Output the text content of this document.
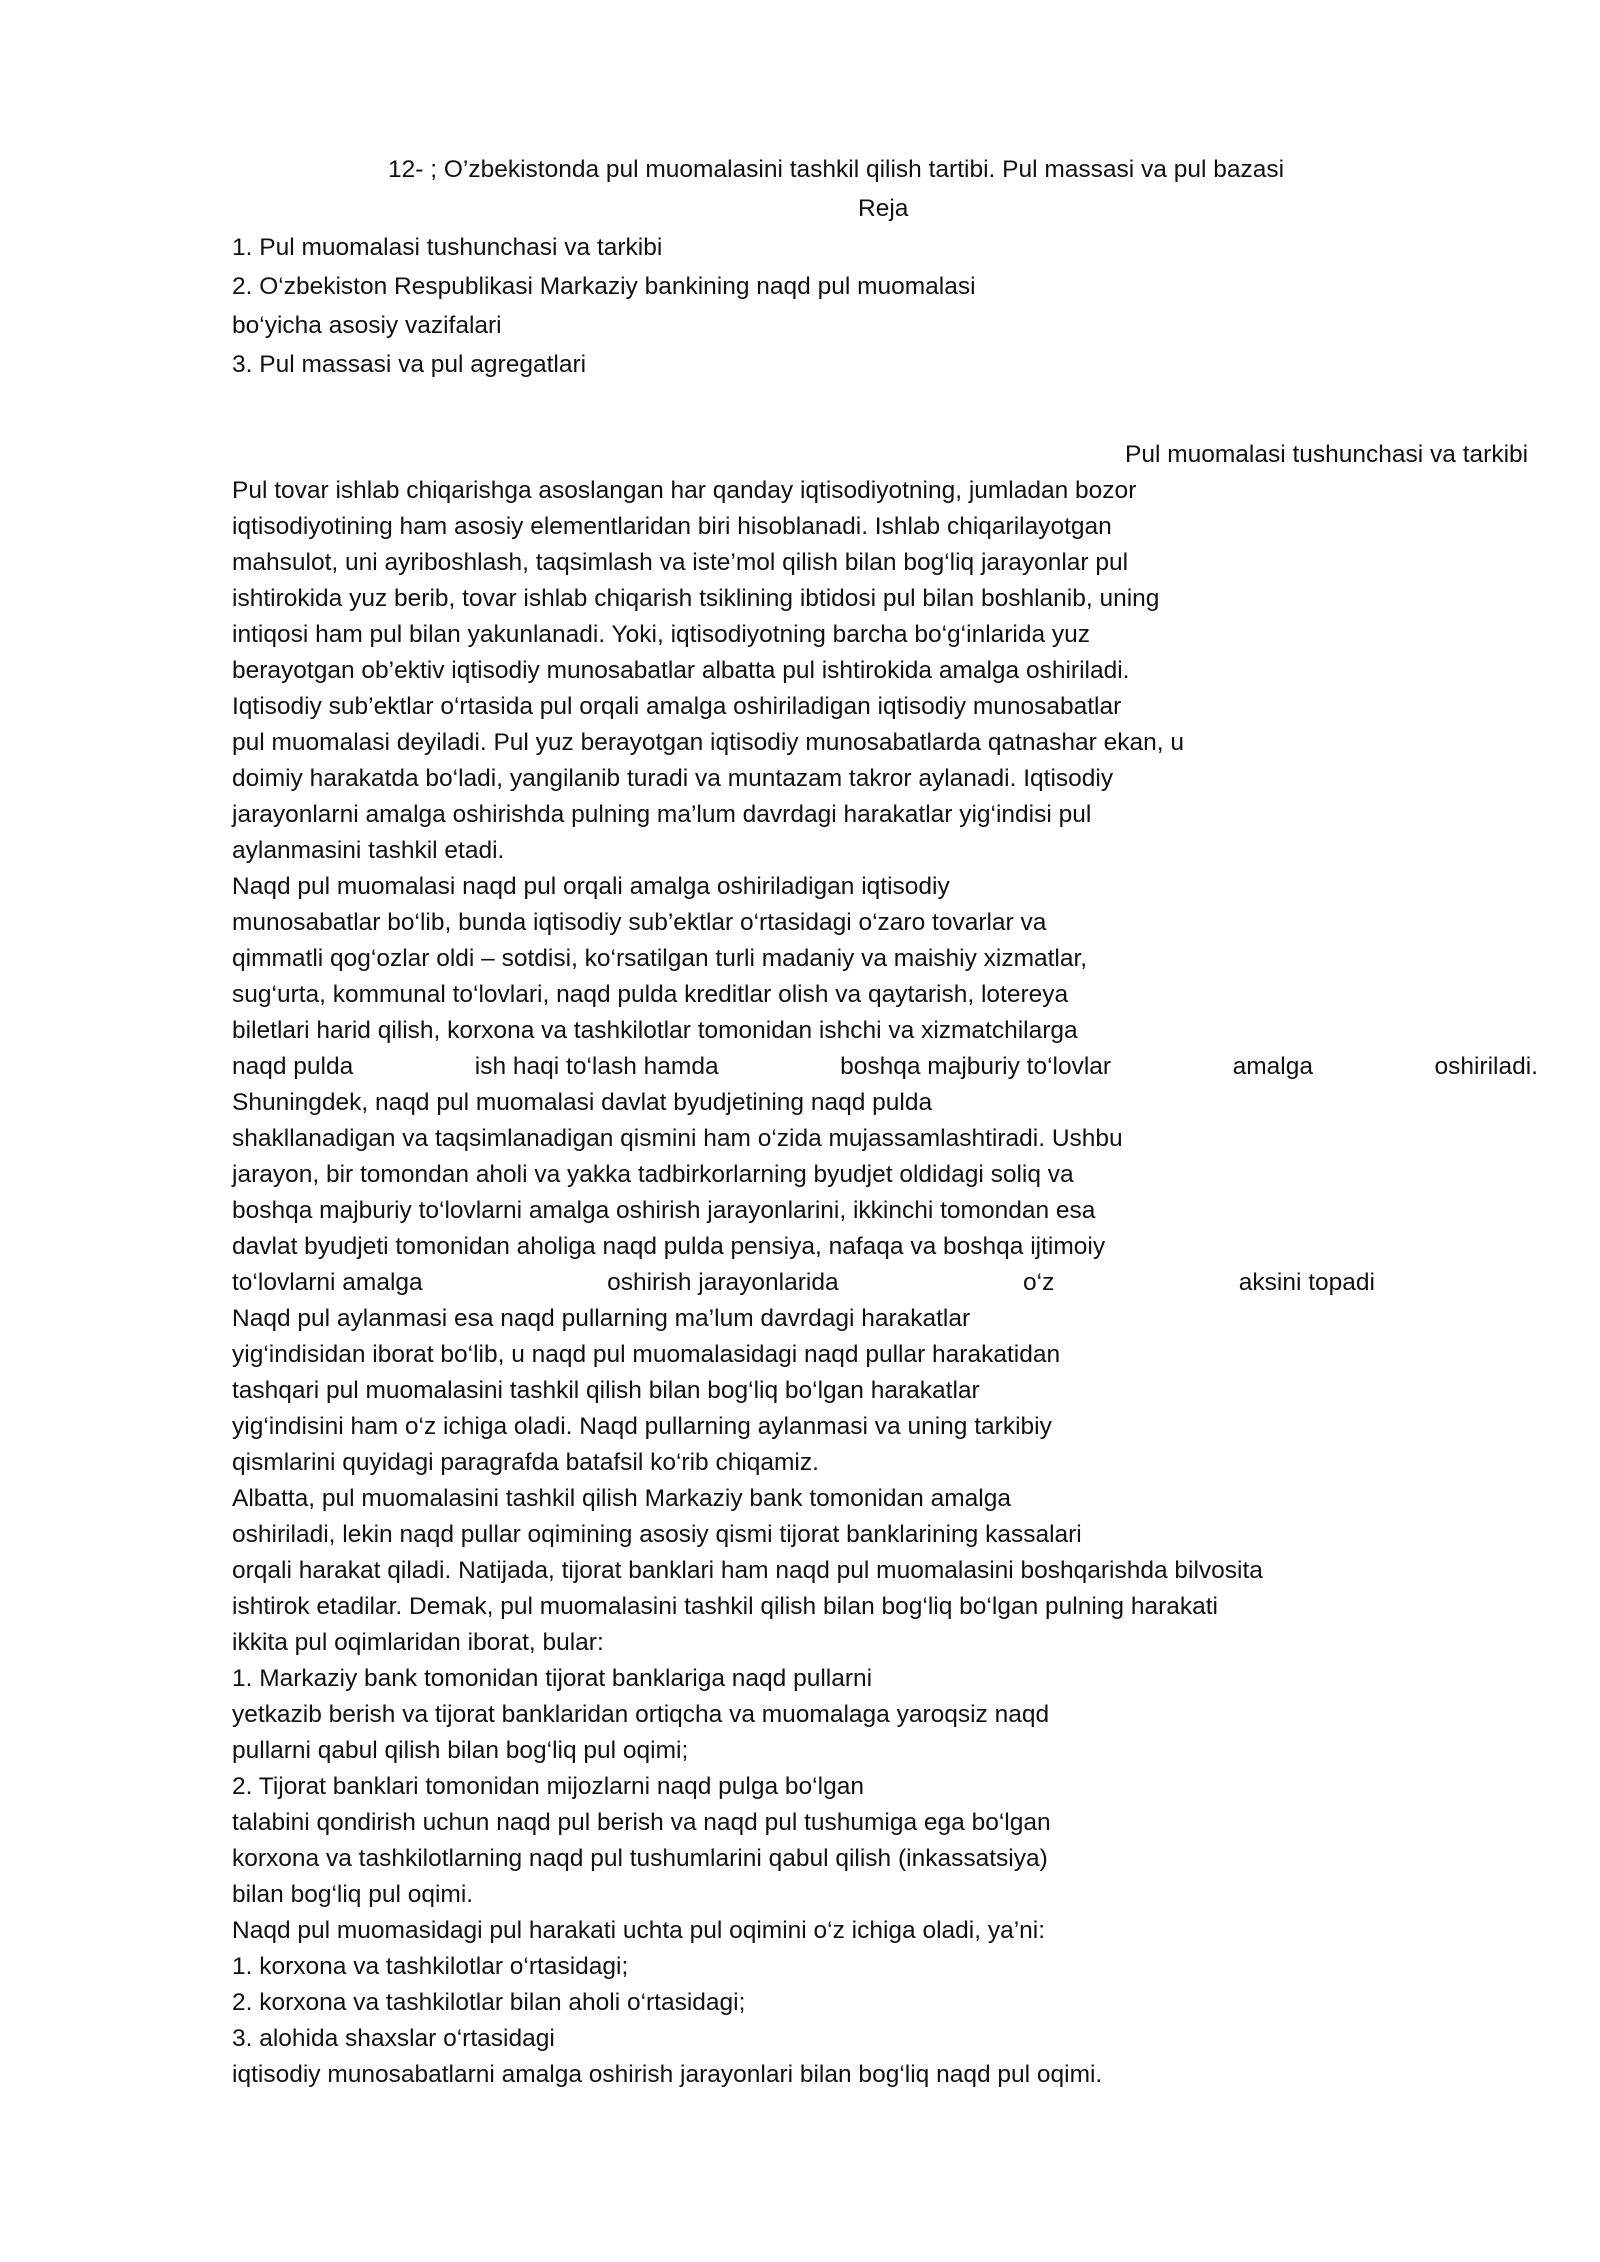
12- ; O’zbekistonda pul muomalasini tashkil qilish tartibi. Pul massasi va pul bazasi
Reja
1. Pul muomalasi tushunchasi va tarkibi
2. O‘zbekiston Respublikasi Markaziy bankining naqd pul muomalasi
bo‘yicha asosiy vazifalari
3. Pul massasi va pul agregatlari
Pul muomalasi tushunchasi va tarkibi
Pul tovar ishlab chiqarishga asoslangan har qanday iqtisodiyotning, jumladan bozor
iqtisodiyotining ham asosiy elementlaridan biri hisoblanadi. Ishlab chiqarilayotgan
mahsulot, uni ayriboshlash, taqsimlash va iste’mol qilish bilan bog‘liq jarayonlar pul
ishtirokida yuz berib, tovar ishlab chiqarish tsiklining ibtidosi pul bilan boshlanib, uning
intiqosi ham pul bilan yakunlanadi. Yoki, iqtisodiyotning barcha bo‘g‘inlarida yuz
berayotgan ob’ektiv iqtisodiy munosabatlar albatta pul ishtirokida amalga oshiriladi.
Iqtisodiy sub’ektlar o‘rtasida pul orqali amalga oshiriladigan iqtisodiy munosabatlar
pul muomalasi deyiladi. Pul yuz berayotgan iqtisodiy munosabatlarda qatnashar ekan, u
doimiy harakatda bo‘ladi, yangilanib turadi va muntazam takror aylanadi. Iqtisodiy
jarayonlarni amalga oshirishda pulning ma’lum davrdagi harakatlar yig‘indisi pul
aylanmasini tashkil etadi.
Naqd pul muomalasi naqd pul orqali amalga oshiriladigan iqtisodiy
munosabatlar bo‘lib, bunda iqtisodiy sub’ektlar o‘rtasidagi o‘zaro tovarlar va
qimmatli qog‘ozlar oldi – sotdisi, ko‘rsatilgan turli madaniy va maishiy xizmatlar,
sug‘urta, kommunal to‘lovlari, naqd pulda kreditlar olish va qaytarish, lotereya
biletlari harid qilish, korxona va tashkilotlar tomonidan ishchi va xizmatchilarga
naqd pulda	ish haqi to‘lash hamda	boshqa majburiy to‘lovlar	amalga	oshiriladi.
Shuningdek, naqd pul muomalasi davlat byudjetining naqd pulda
shakllanadigan va taqsimlanadigan qismini ham o‘zida mujassamlashtiradi. Ushbu
jarayon, bir tomondan aholi va yakka tadbirkorlarning byudjet oldidagi soliq va
boshqa majburiy to‘lovlarni amalga oshirish jarayonlarini, ikkinchi tomondan esa
davlat byudjeti tomonidan aholiga naqd pulda pensiya, nafaqa va boshqa ijtimoiy
to‘lovlarni amalga	oshirish jarayonlarida	o‘z	aksini topadi
Naqd pul aylanmasi esa naqd pullarning ma’lum davrdagi harakatlar
yig‘indisidan iborat bo‘lib, u naqd pul muomalasidagi naqd pullar harakatidan
tashqari pul muomalasini tashkil qilish bilan bog‘liq bo‘lgan harakatlar
yig‘indisini ham o‘z ichiga oladi. Naqd pullarning aylanmasi va uning tarkibiy
qismlarini quyidagi paragrafda batafsil ko‘rib chiqamiz.
Albatta, pul muomalasini tashkil qilish Markaziy bank tomonidan amalga
oshiriladi, lekin naqd pullar oqimining asosiy qismi tijorat banklarining kassalari
orqali harakat qiladi. Natijada, tijorat banklari ham naqd pul muomalasini boshqarishda bilvosita
ishtirok etadilar. Demak, pul muomalasini tashkil qilish bilan bog‘liq bo‘lgan pulning harakati
ikkita pul oqimlaridan iborat, bular:
1. Markaziy bank tomonidan tijorat banklariga naqd pullarni
yetkazib berish va tijorat banklaridan ortiqcha va muomalaga yaroqsiz naqd
pullarni qabul qilish bilan bog‘liq pul oqimi;
2. Tijorat banklari tomonidan mijozlarni naqd pulga bo‘lgan
talabini qondirish uchun naqd pul berish va naqd pul tushumiga ega bo‘lgan
korxona va tashkilotlarning naqd pul tushumlarini qabul qilish (inkassatsiya)
bilan bog‘liq pul oqimi.
Naqd pul muomasidagi pul harakati uchta pul oqimini o‘z ichiga oladi, ya’ni:
1. korxona va tashkilotlar o‘rtasidagi;
2. korxona va tashkilotlar bilan aholi o‘rtasidagi;
3. alohida shaxslar o‘rtasidagi
iqtisodiy munosabatlarni amalga oshirish jarayonlari bilan bog‘liq naqd pul oqimi.
